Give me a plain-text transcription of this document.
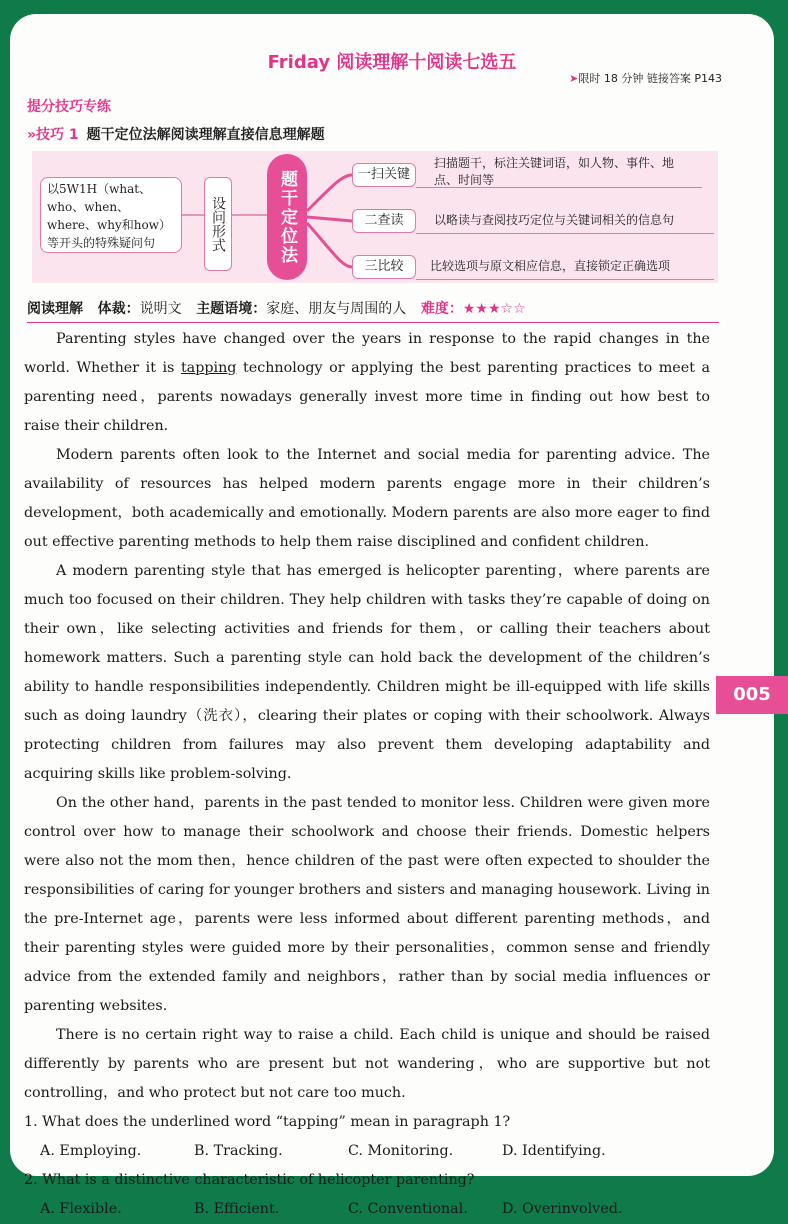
Friday 阅读理解十阅读七选五
➤限时 18 分钟 链接答案 P143
提分技巧专练
»技巧 1 题干定位法解阅读理解直接信息理解题
以5W1H（what、who、when、where、why和how）等开头的特殊疑问句	设问形式	题干定位法	一扫关键
扫描题干，标注关键词语，如人物、事件、地点、时间等
二查读	以略读与查阅技巧定位与关键词相关的信息句
三比较	比较选项与原文相应信息，直接锁定正确选项
阅读理解 体裁：说明文 主题语境：家庭、朋友与周围的人 难度：★★★☆☆

Parenting styles have changed over the years in response to the rapid changes in the world. Whether it is tapping technology or applying the best parenting practices to meet a parenting need，parents nowadays generally invest more time in finding out how best to raise their children.

Modern parents often look to the Internet and social media for parenting advice. The availability of resources has helped modern parents engage more in their children’s development，both academically and emotionally. Modern parents are also more eager to find out effective parenting methods to help them raise disciplined and confident children.

A modern parenting style that has emerged is helicopter parenting，where parents are much too focused on their children. They help children with tasks they’re capable of doing on their own，like selecting activities and friends for them，or calling their teachers about homework matters. Such a parenting style can hold back the development of the children’s ability to handle responsibilities independently. Children might be ill-equipped with life skills such as doing laundry（洗衣），clearing their plates or coping with their schoolwork. Always protecting children from failures may also prevent them developing adaptability and acquiring skills like problem-solving.

On the other hand，parents in the past tended to monitor less. Children were given more control over how to manage their schoolwork and choose their friends. Domestic helpers were also not the mom then，hence children of the past were often expected to shoulder the responsibilities of caring for younger brothers and sisters and managing housework. Living in the pre-Internet age，parents were less informed about different parenting methods，and their parenting styles were guided more by their personalities，common sense and friendly advice from the extended family and neighbors，rather than by social media influences or parenting websites.

There is no certain right way to raise a child. Each child is unique and should be raised differently by parents who are present but not wandering，who are supportive but not controlling，and who protect but not care too much.

1. What does the underlined word “tapping” mean in paragraph 1?

A. Employing.	B. Tracking.	C. Monitoring.	D. Identifying.

2. What is a distinctive characteristic of helicopter parenting?

A. Flexible.	B. Efficient.	C. Conventional.	D. Overinvolved.
005
